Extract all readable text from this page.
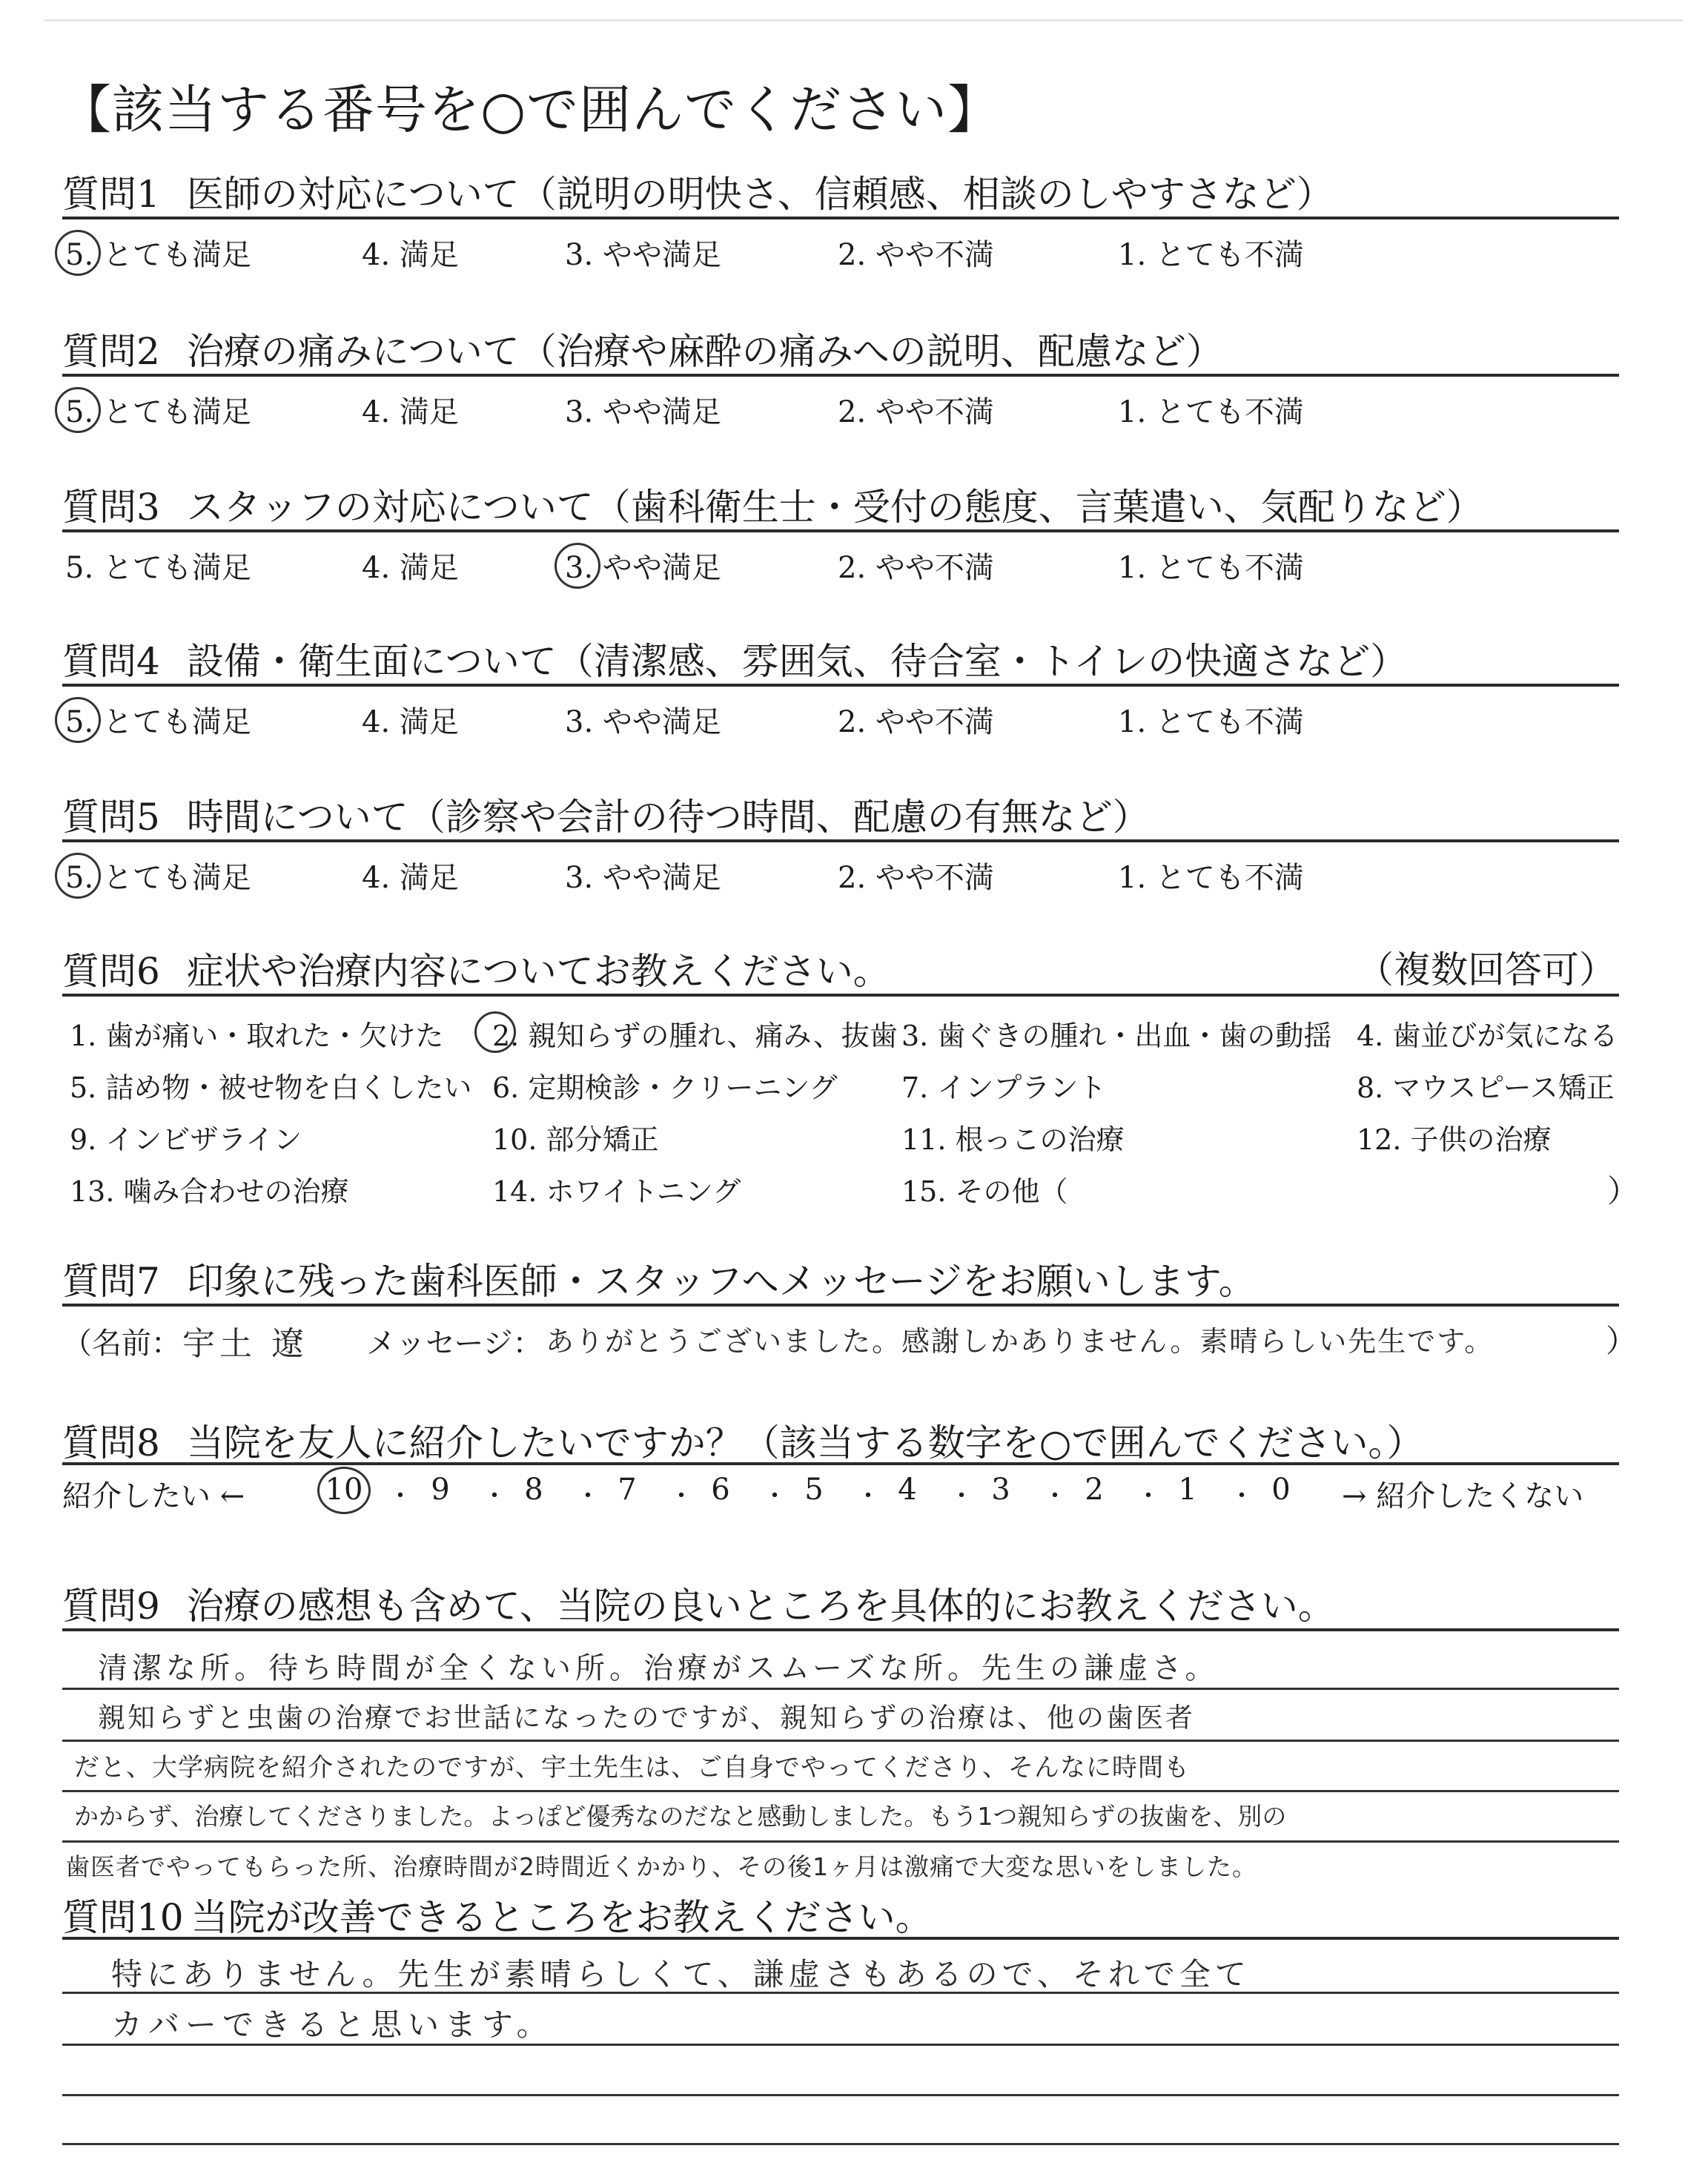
【該当する番号を○で囲んでください】
質問1 医師の対応について（説明の明快さ、信頼感、相談のしやすさなど）
5. とても満足	4. 満足	3. やや満足	2. やや不満	1. とても不満
質問2 治療の痛みについて（治療や麻酔の痛みへの説明、配慮など）
5. とても満足	4. 満足	3. やや満足	2. やや不満	1. とても不満
質問3 スタッフの対応について（歯科衛生士・受付の態度、言葉遣い、気配りなど）
5. とても満足	4. 満足	3. やや満足	2. やや不満	1. とても不満
質問4 設備・衛生面について（清潔感、雰囲気、待合室・トイレの快適さなど）
5. とても満足	4. 満足	3. やや満足	2. やや不満	1. とても不満
質問5 時間について（診察や会計の待つ時間、配慮の有無など）
5. とても満足	4. 満足	3. やや満足	2. やや不満	1. とても不満
質問6 症状や治療内容についてお教えください。	（複数回答可）
1. 歯が痛い・取れた・欠けた 2. 親知らずの腫れ、痛み、抜歯 3. 歯ぐきの腫れ・出血・歯の動揺 4. 歯並びが気になる
5. 詰め物・被せ物を白くしたい 6. 定期検診・クリーニング 7. インプラント	8. マウスピース矯正
9. インビザライン	10. 部分矯正	11. 根っこの治療	12. 子供の治療
13. 噛み合わせの治療	14. ホワイトニング	15. その他（	）
質問7 印象に残った歯科医師・スタッフへメッセージをお願いします。
（名前： 宇土 遼 メッセージ： ありがとうございました。感謝しかありません。素晴らしい先生です。	）
質問8 当院を友人に紹介したいですか？（該当する数字を○で囲んでください。）
紹介したい ←	→ 紹介したくない
10 ・ 9	・ 8	・ 7	・ 6	・ 5	・ 4	・ 3	・ 2	・ 1	・ 0
質問9 治療の感想も含めて、当院の良いところを具体的にお教えください。
清潔な所。待ち時間が全くない所。治療がスムーズな所。先生の謙虚さ。
親知らずと虫歯の治療でお世話になったのですが、親知らずの治療は、他の歯医者
だと、大学病院を紹介されたのですが、宇土先生は、ご自身でやってくださり、そんなに時間も
かからず、治療してくださりました。よっぽど優秀なのだなと感動しました。もう1つ親知らずの抜歯を、別の
歯医者でやってもらった所、治療時間が2時間近くかかり、その後1ヶ月は激痛で大変な思いをしました。
質問10 当院が改善できるところをお教えください。
特にありません。先生が素晴らしくて、謙虚さもあるので、それで全て
カバーできると思います。
